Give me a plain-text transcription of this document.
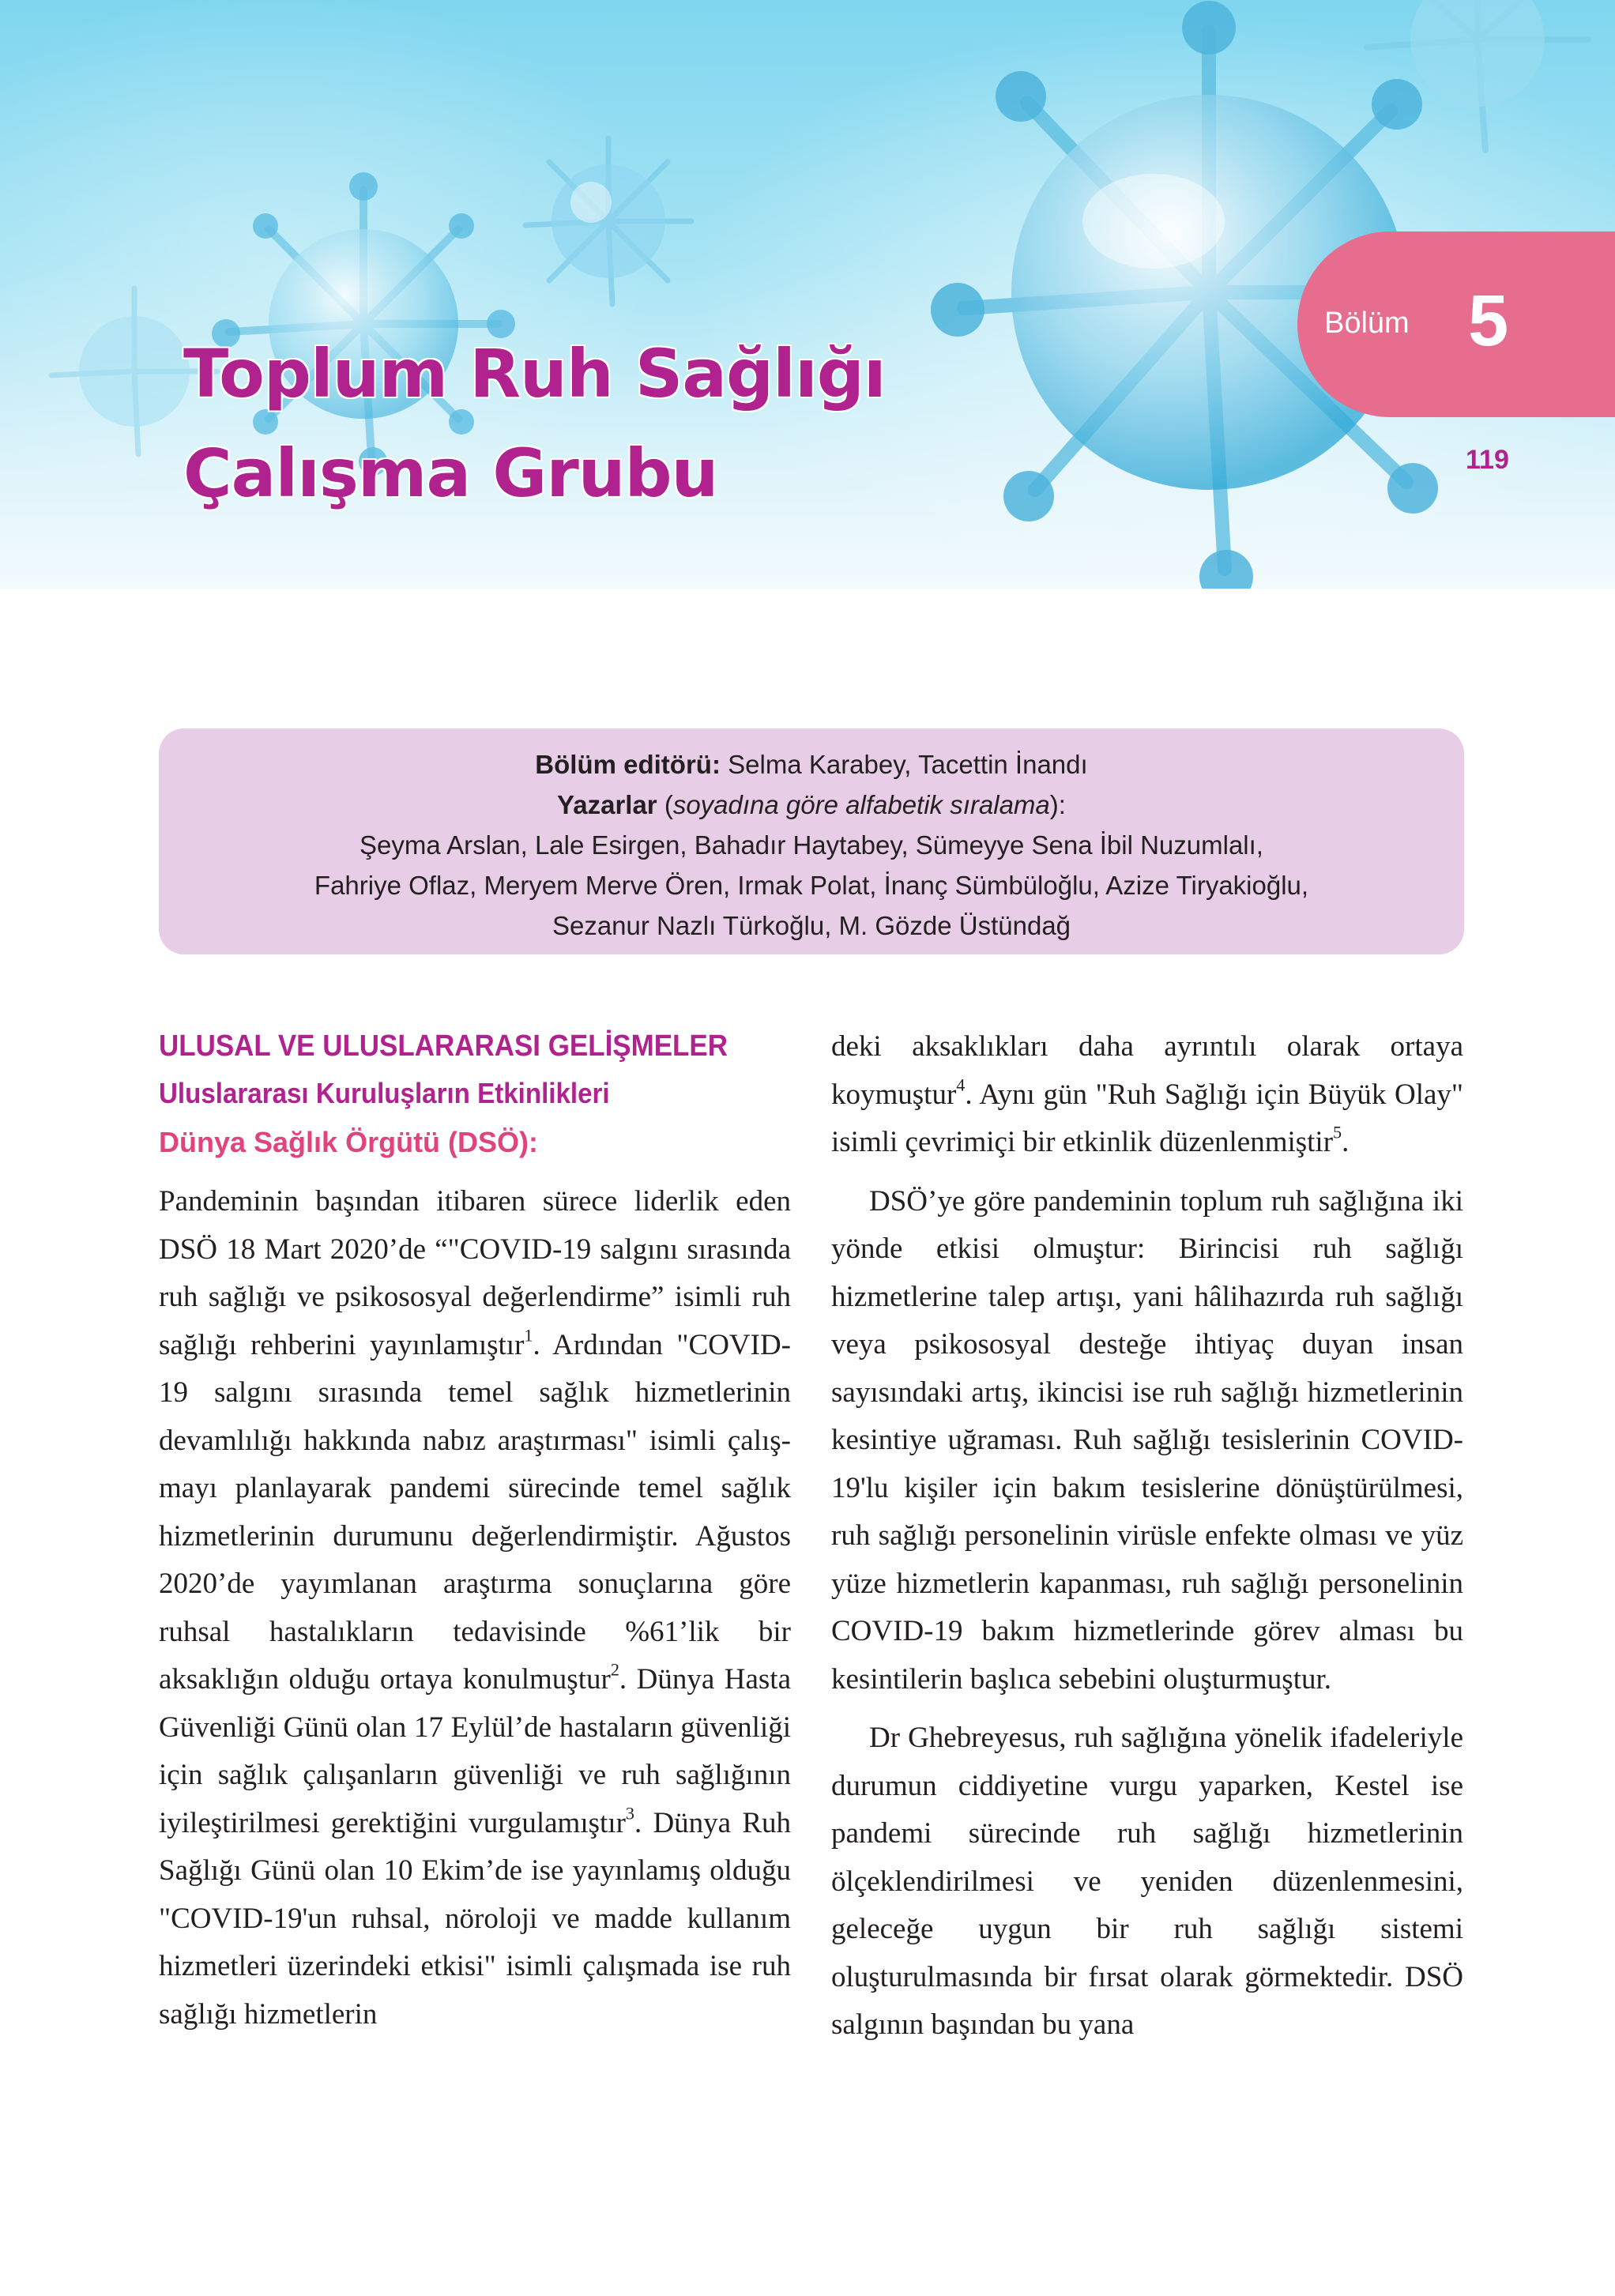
Toplum Ruh Sağlığı
Çalışma Grubu
Bölüm 5
119
Bölüm editörü: Selma Karabey, Tacettin İnandı
Yazarlar (soyadına göre alfabetik sıralama):
Şeyma Arslan, Lale Esirgen, Bahadır Haytabey, Sümeyye Sena İbil Nuzumlalı,
Fahriye Oflaz, Meryem Merve Ören, Irmak Polat, İnanç Sümbüloğlu, Azize Tiryakioğlu,
Sezanur Nazlı Türkoğlu, M. Gözde Üstündağ
ULUSAL VE ULUSLARARASI GELİŞMELER
Uluslararası Kuruluşların Etkinlikleri
Dünya Sağlık Örgütü (DSÖ):

Pandeminin başından itibaren sürece liderlik eden DSÖ 18 Mart 2020’de “"COVID-19 salgını sırasında ruh sağlığı ve psikososyal değerlendirme” isimli ruh sağlığı rehberini yayınlamıştır$^1$. Ardından "COVID-19 salgını sırasında temel sağlık hizmetlerinin devamlılığı hakkında nabız araştırması" isimli çalışmayı planlayarak pandemi sürecinde temel sağlık hizmetlerinin durumunu değerlendirmiştir. Ağustos 2020’de yayımlanan araştırma sonuçlarına göre ruhsal hastalıkların tedavisinde %61’lik bir aksaklığın olduğu ortaya konulmuştur$^2$. Dünya Hasta Güvenliği Günü olan 17 Eylül’de hastaların güvenliği için sağlık çalışanların güvenliği ve ruh sağlığının iyileştirilmesi gerektiğini vurgulamıştır$^3$. Dünya Ruh Sağlığı Günü olan 10 Ekim’de ise yayınlamış olduğu "COVID-19'un ruhsal, nöroloji ve madde kullanım hizmetleri üzerindeki etkisi" isimli çalışmada ise ruh sağlığı hizmetlerin

deki aksaklıkları daha ayrıntılı olarak ortaya koymuştur$^4$. Aynı gün "Ruh Sağlığı için Büyük Olay" isimli çevrimiçi bir etkinlik düzenlenmiştir$^5$.

DSÖ’ye göre pandeminin toplum ruh sağlığına iki yönde etkisi olmuştur: Birincisi ruh sağlığı hizmetlerine talep artışı, yani hâlihazırda ruh sağlığı veya psikososyal desteğe ihtiyaç duyan insan sayısındaki artış, ikincisi ise ruh sağlığı hizmetlerinin kesintiye uğraması. Ruh sağlığı tesislerinin COVID-19'lu kişiler için bakım tesislerine dönüştürülmesi, ruh sağlığı personelinin virüsle enfekte olması ve yüz yüze hizmetlerin kapanması, ruh sağlığı personelinin COVID-19 bakım hizmetlerinde görev alması bu kesintilerin başlıca sebebini oluşturmuştur.

Dr Ghebreyesus, ruh sağlığına yönelik ifadeleriyle durumun ciddiyetine vurgu yaparken, Kestel ise pandemi sürecinde ruh sağlığı hizmetlerinin ölçeklendirilmesi ve yeniden düzenlenmesini, geleceğe uygun bir ruh sağlığı sistemi oluşturulmasında bir fırsat olarak görmektedir. DSÖ salgının başından bu yana
